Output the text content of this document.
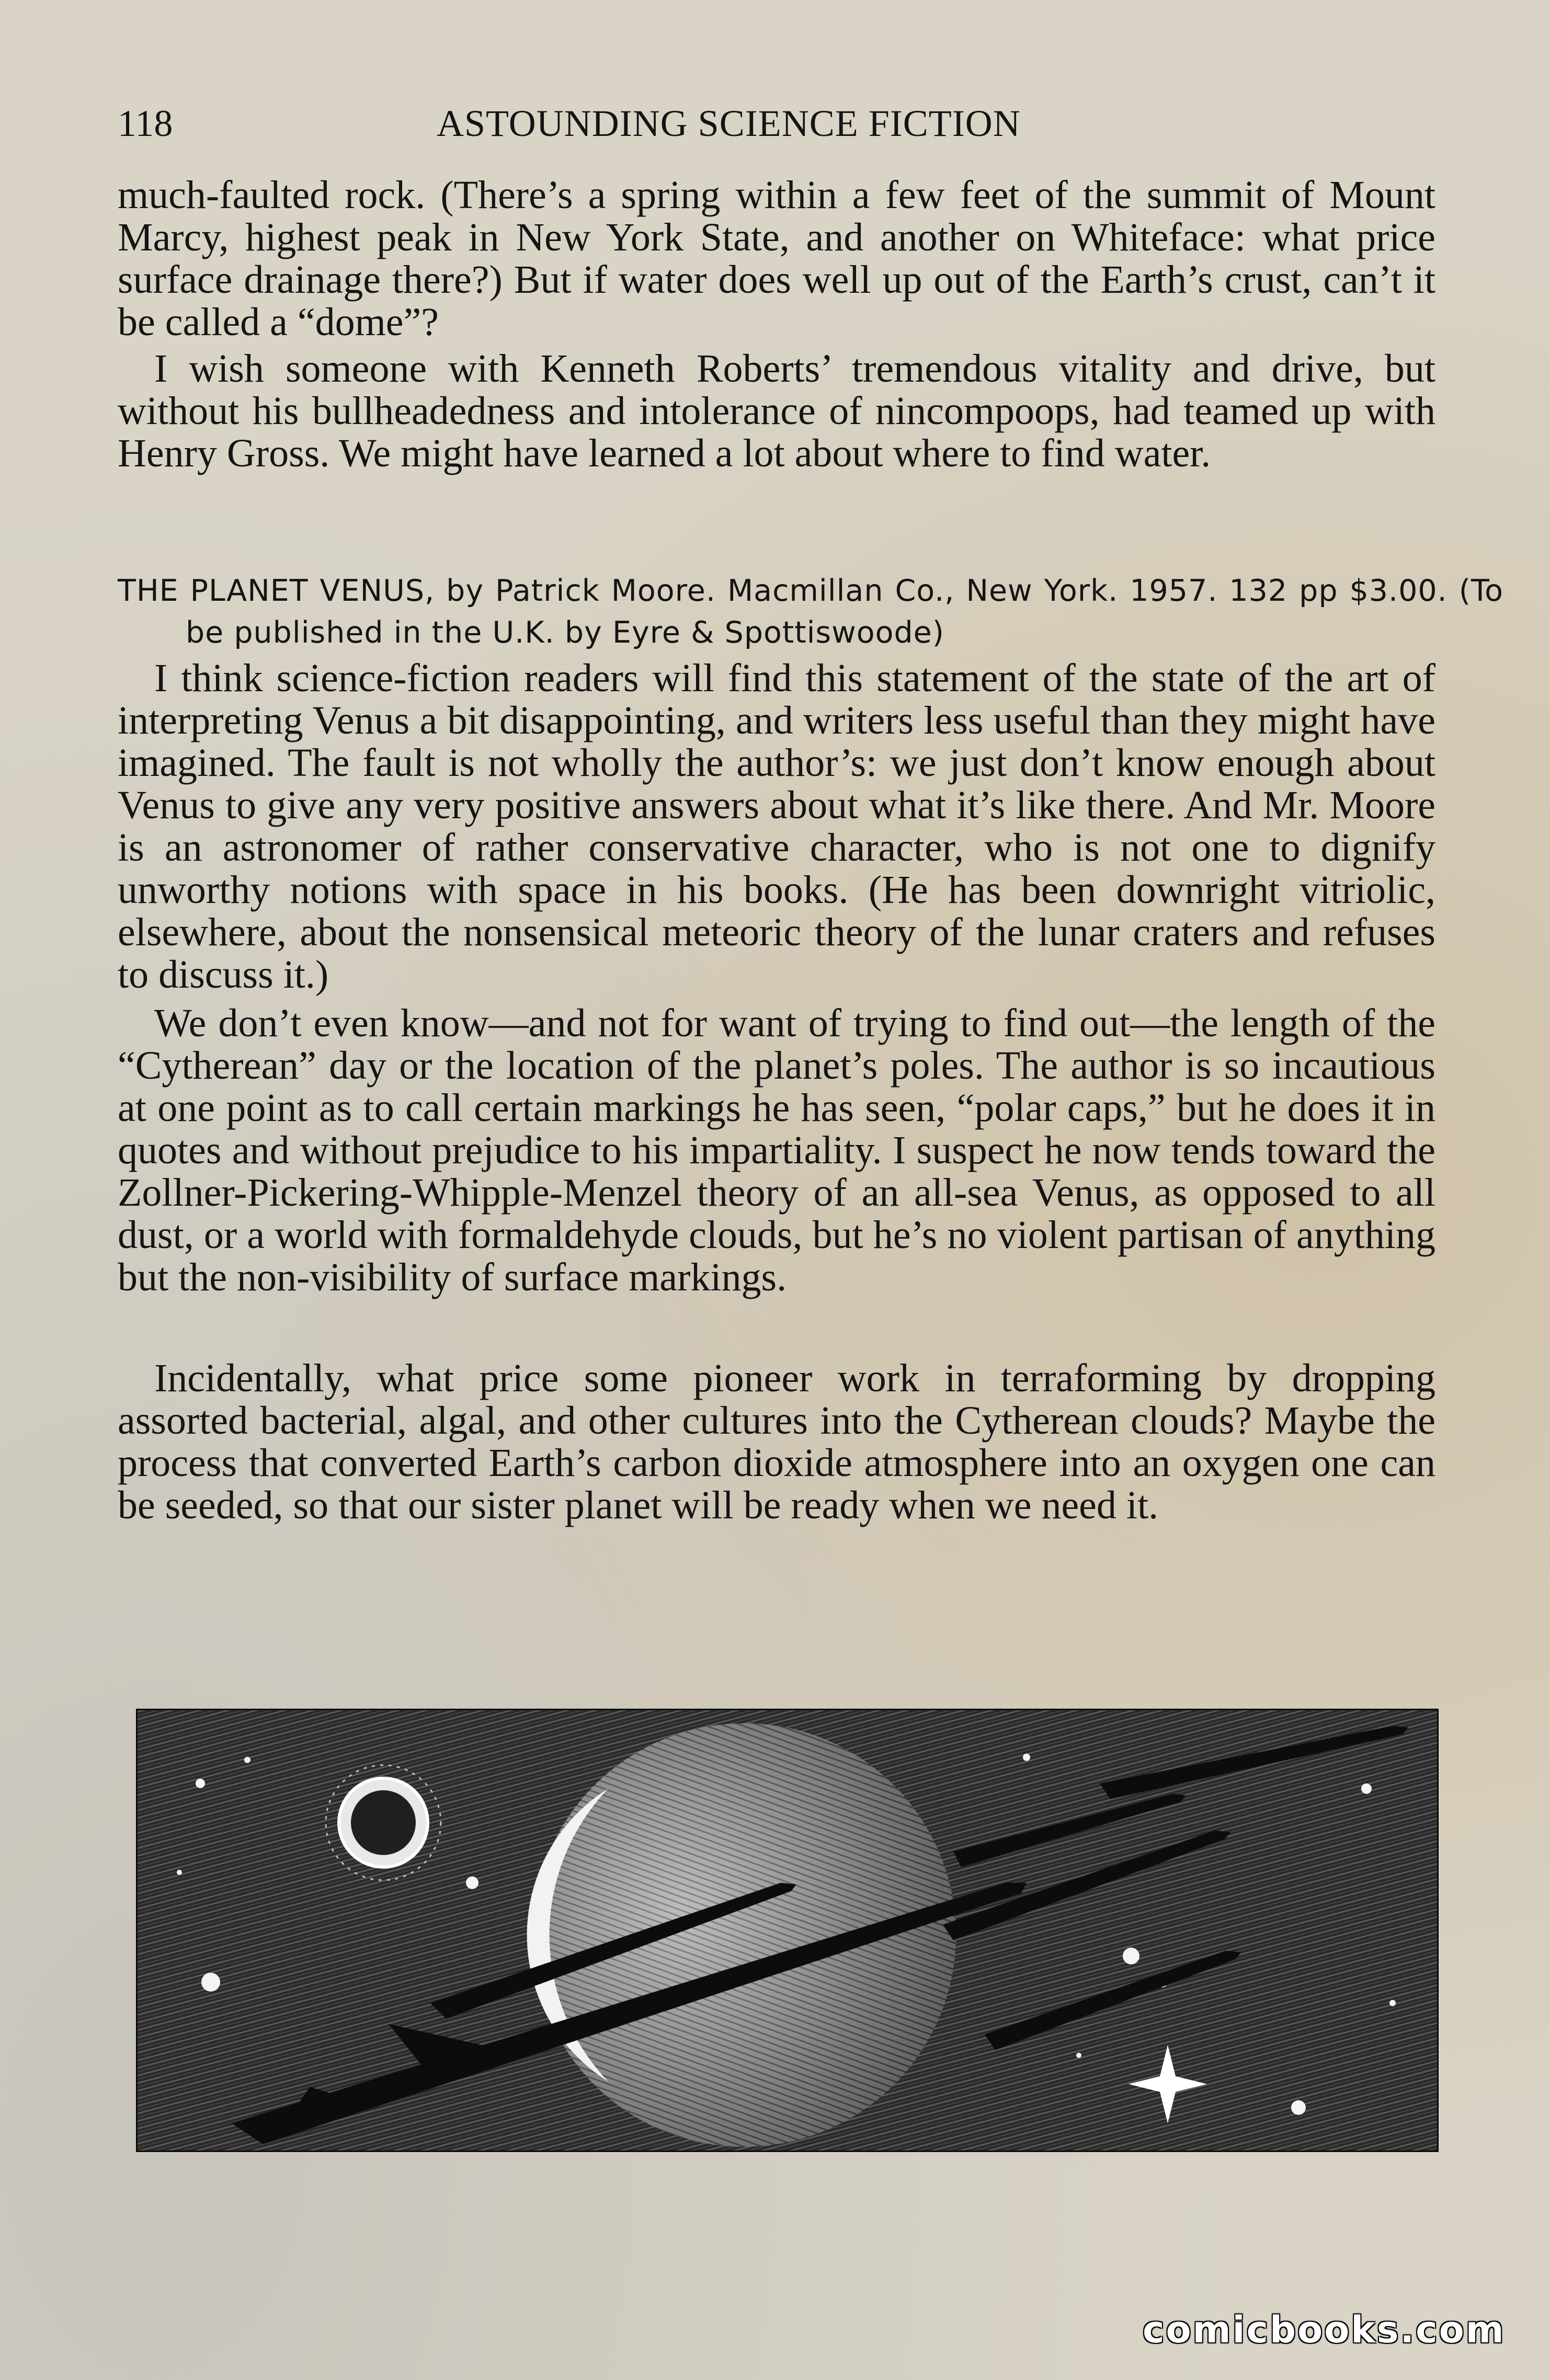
118	ASTOUNDING SCIENCE FICTION

much-faulted rock. (There’s a spring within a few feet of the summit of Mount Marcy, highest peak in New York State, and another on Whiteface: what price surface drainage there?) But if water does well up out of the Earth’s crust, can’t it be called a “dome”?

I wish someone with Kenneth Roberts’ tremendous vitality and drive, but without his bullheadedness and intolerance of nincompoops, had teamed up with Henry Gross. We might have learned a lot about where to find water.

THE PLANET VENUS, by Patrick Moore. Macmillan Co., New York. 1957. 132 pp $3.00. (To be published in the U.K. by Eyre & Spottiswoode)

I think science-fiction readers will find this statement of the state of the art of interpreting Venus a bit disappointing, and writers less useful than they might have imagined. The fault is not wholly the author’s: we just don’t know enough about Venus to give any very positive answers about what it’s like there. And Mr. Moore is an astronomer of rather conservative character, who is not one to dignify unworthy notions with space in his books. (He has been downright vitriolic, elsewhere, about the nonsensical meteoric theory of the lunar craters and refuses to discuss it.)

We don’t even know—and not for want of trying to find out—the length of the “Cytherean” day or the location of the planet’s poles. The author is so incautious at one point as to call certain markings he has seen, “polar caps,” but he does it in quotes and without prejudice to his impartiality. I suspect he now tends toward the Zollner-Pickering-Whipple-Menzel theory of an all-sea Venus, as opposed to all dust, or a world with formaldehyde clouds, but he’s no violent partisan of anything but the non-visibility of surface markings.

Incidentally, what price some pioneer work in terraforming by dropping assorted bacterial, algal, and other cultures into the Cytherean clouds? Maybe the process that converted Earth’s carbon dioxide atmosphere into an oxygen one can be seeded, so that our sister planet will be ready when we need it.

comicbooks.com
